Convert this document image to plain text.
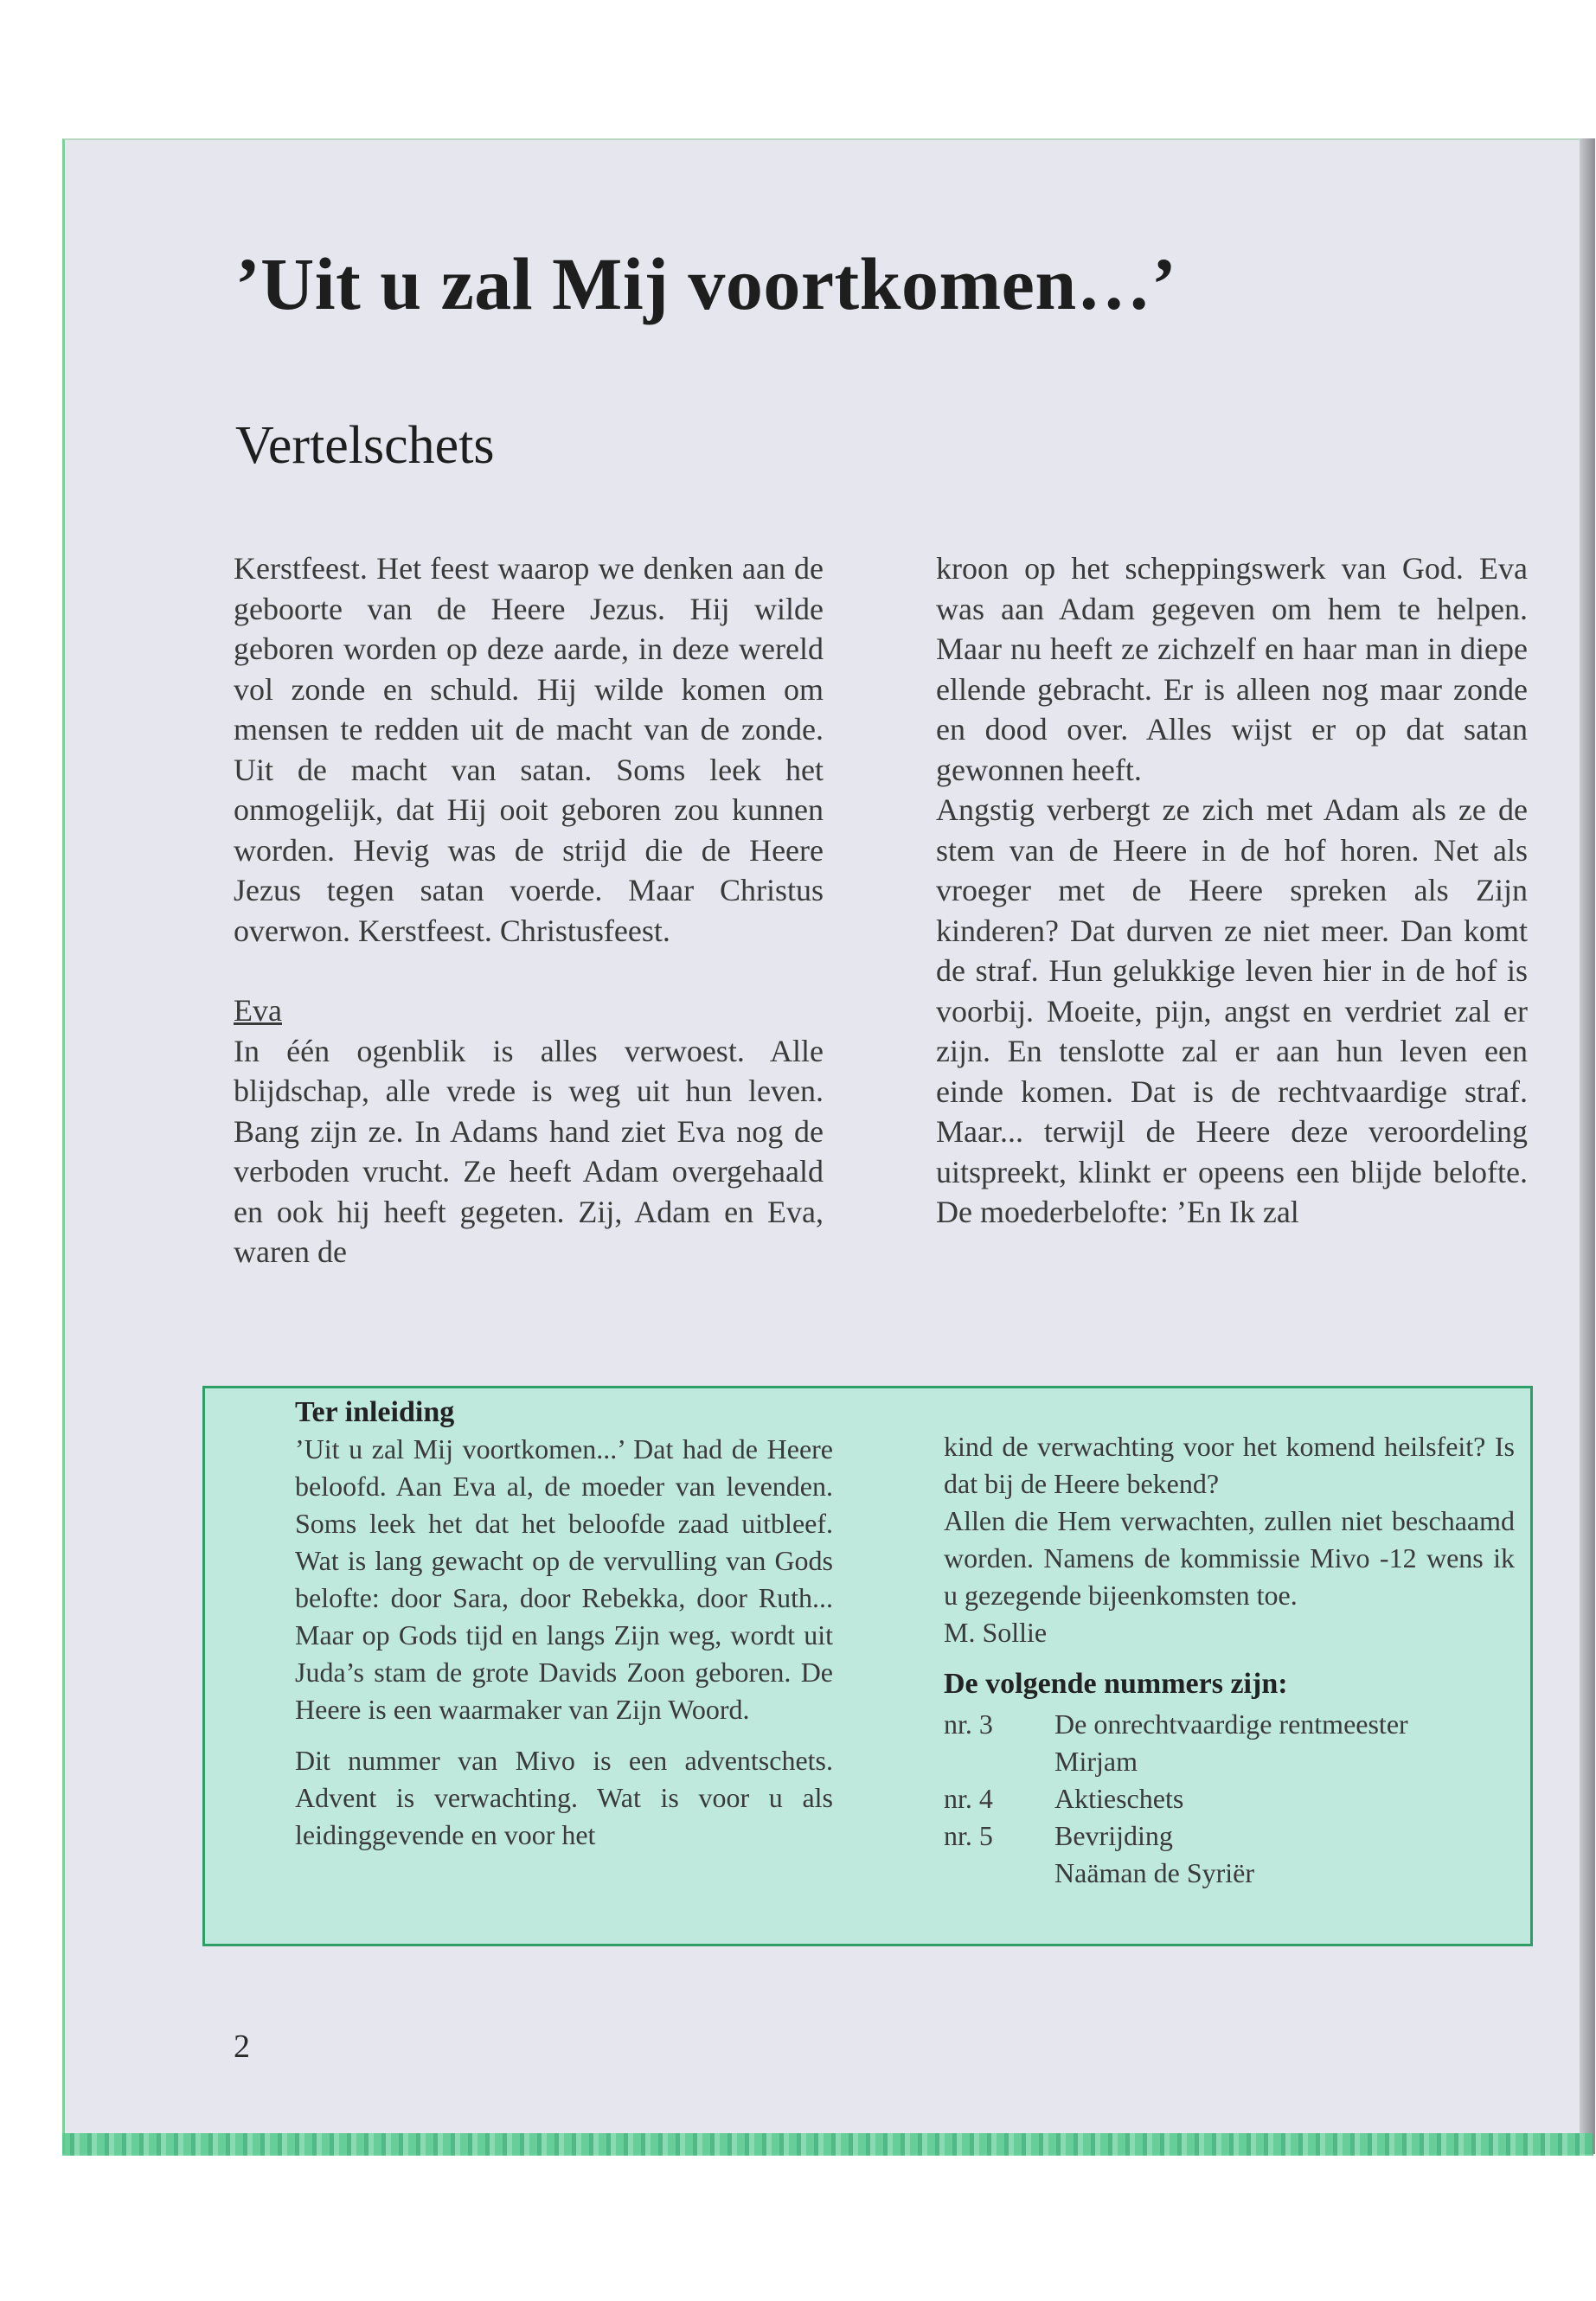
’Uit u zal Mij voortkomen…’
Vertelschets

Kerstfeest. Het feest waarop we denken aan de geboorte van de Heere Jezus. Hij wilde geboren worden op deze aarde, in deze wereld vol zonde en schuld. Hij wilde komen om mensen te redden uit de macht van de zonde. Uit de macht van satan. Soms leek het onmogelijk, dat Hij ooit geboren zou kunnen worden. Hevig was de strijd die de Heere Jezus tegen satan voerde. Maar Christus overwon. Kerstfeest. Christusfeest.

Eva

In één ogenblik is alles verwoest. Alle blijdschap, alle vrede is weg uit hun leven. Bang zijn ze. In Adams hand ziet Eva nog de verboden vrucht. Ze heeft Adam overgehaald en ook hij heeft gegeten. Zij, Adam en Eva, waren de

kroon op het scheppingswerk van God. Eva was aan Adam gegeven om hem te helpen. Maar nu heeft ze zichzelf en haar man in diepe ellende gebracht. Er is alleen nog maar zonde en dood over. Alles wijst er op dat satan gewonnen heeft.

Angstig verbergt ze zich met Adam als ze de stem van de Heere in de hof horen. Net als vroeger met de Heere spreken als Zijn kinderen? Dat durven ze niet meer. Dan komt de straf. Hun gelukkige leven hier in de hof is voorbij. Moeite, pijn, angst en verdriet zal er zijn. En tenslotte zal er aan hun leven een einde komen. Dat is de rechtvaardige straf. Maar... terwijl de Heere deze veroordeling uitspreekt, klinkt er opeens een blijde belofte. De moederbelofte: ’En Ik zal

Ter inleiding

’Uit u zal Mij voortkomen...’ Dat had de Heere beloofd. Aan Eva al, de moeder van levenden. Soms leek het dat het beloofde zaad uitbleef. Wat is lang gewacht op de vervulling van Gods belofte: door Sara, door Rebekka, door Ruth... Maar op Gods tijd en langs Zijn weg, wordt uit Juda’s stam de grote Davids Zoon geboren. De Heere is een waarmaker van Zijn Woord.

Dit nummer van Mivo is een adventschets. Advent is verwachting. Wat is voor u als leidinggevende en voor het

kind de verwachting voor het komend heilsfeit? Is dat bij de Heere bekend?

Allen die Hem verwachten, zullen niet beschaamd worden. Namens de kommissie Mivo -12 wens ik u gezegende bijeenkomsten toe.

M. Sollie

De volgende nummers zijn:
nr. 3	De onrechtvaardige rentmeester
Mirjam
nr. 4	Aktieschets
nr. 5	Bevrijding
Naäman de Syriër
2
